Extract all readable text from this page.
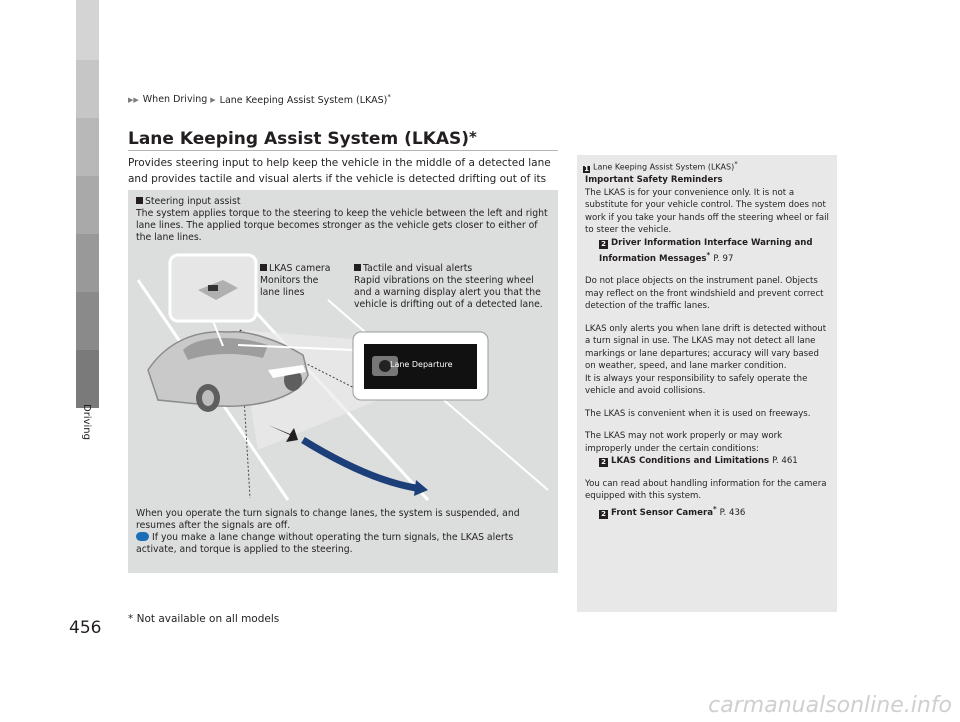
Driving
456
▶▶ When Driving ▶ Lane Keeping Assist System (LKAS)*
Lane Keeping Assist System (LKAS)*
Provides steering input to help keep the vehicle in the middle of a detected lane and provides tactile and visual alerts if the vehicle is detected drifting out of its
Steering input assist
The system applies torque to the steering to keep the vehicle between the left and right lane lines. The applied torque becomes stronger as the vehicle gets closer to either of the lane lines.
Lane Departure
LKAS camera
Monitors the lane lines
Tactile and visual alerts
Rapid vibrations on the steering wheel and a warning display alert you that the vehicle is drifting out of a detected lane.
When you operate the turn signals to change lanes, the system is suspended, and resumes after the signals are off.
If you make a lane change without operating the turn signals, the LKAS alerts activate, and torque is applied to the steering.
1 Lane Keeping Assist System (LKAS)*

Important Safety Reminders

The LKAS is for your convenience only. It is not a substitute for your vehicle control. The system does not work if you take your hands off the steering wheel or fail to steer the vehicle.

2 Driver Information Interface Warning and Information Messages* P. 97

Do not place objects on the instrument panel. Objects may reflect on the front windshield and prevent correct detection of the traffic lanes.

LKAS only alerts you when lane drift is detected without a turn signal in use. The LKAS may not detect all lane markings or lane departures; accuracy will vary based on weather, speed, and lane marker condition.

It is always your responsibility to safely operate the vehicle and avoid collisions.

The LKAS is convenient when it is used on freeways.

The LKAS may not work properly or may work improperly under the certain conditions:

2 LKAS Conditions and Limitations P. 461

You can read about handling information for the camera equipped with this system.

2 Front Sensor Camera* P. 436

* Not available on all models
carmanualsonline.info
